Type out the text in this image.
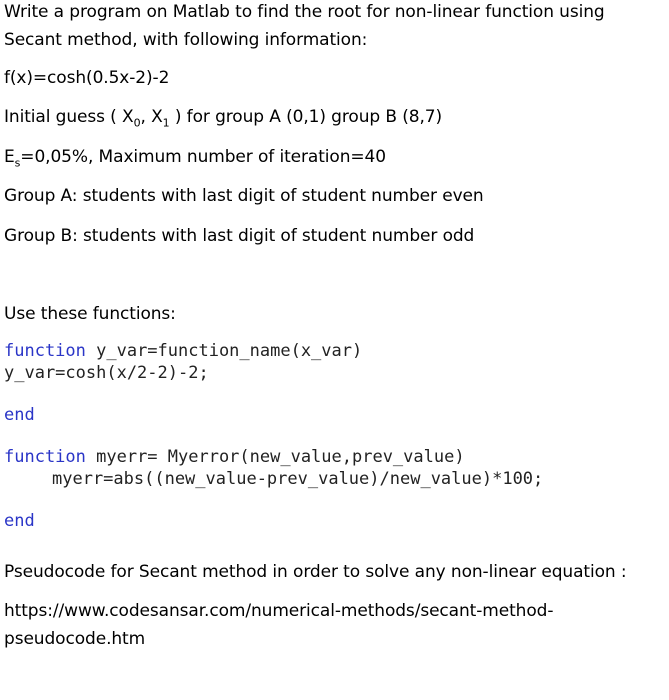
Write a program on Matlab to find the root for non-linear function using
Secant method, with following information:
f(x)=cosh(0.5x-2)-2
Initial guess ( $X_0$, $X_1$ ) for group A (0,1) group B (8,7)
$E_s=0,05\%$, Maximum number of iteration=40
Group A: students with last digit of student number even
Group B: students with last digit of student number odd
Use these functions:
function y_var=function_name(x_var)
y_var=cosh(x/2-2)-2;
end
function myerr= Myerror(new_value,prev_value)
myerr=abs((new_value-prev_value)/new_value)*100;
end
Pseudocode for Secant method in order to solve any non-linear equation :
https://www.codesansar.com/numerical-methods/secant-method-
pseudocode.htm
